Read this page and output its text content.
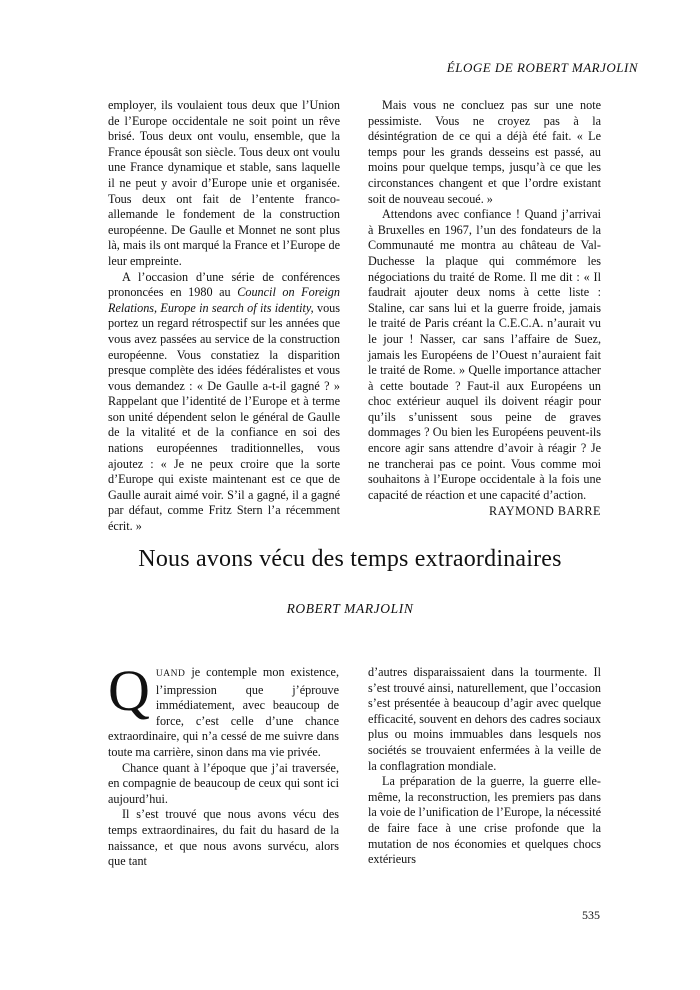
ÉLOGE DE ROBERT MARJOLIN

employer, ils voulaient tous deux que l’Union de l’Europe occidentale ne soit point un rêve brisé. Tous deux ont voulu, ensemble, que la France épousât son siècle. Tous deux ont voulu une France dynamique et stable, sans laquelle il ne peut y avoir d’Europe unie et organisée. Tous deux ont fait de l’entente franco-allemande le fondement de la construction européenne. De Gaulle et Monnet ne sont plus là, mais ils ont marqué la France et l’Europe de leur empreinte.

A l’occasion d’une série de conférences prononcées en 1980 au Council on Foreign Relations, Europe in search of its identity, vous portez un regard rétrospectif sur les années que vous avez passées au service de la construction européenne. Vous constatiez la disparition presque complète des idées fédéralistes et vous vous demandez : « De Gaulle a-t-il gagné ? » Rappelant que l’identité de l’Europe et à terme son unité dépendent selon le général de Gaulle de la vitalité et de la confiance en soi des nations européennes traditionnelles, vous ajoutez : « Je ne peux croire que la sorte d’Europe qui existe maintenant est ce que de Gaulle aurait aimé voir. S’il a gagné, il a gagné par défaut, comme Fritz Stern l’a récemment écrit. »

Mais vous ne concluez pas sur une note pessimiste. Vous ne croyez pas à la désintégration de ce qui a déjà été fait. « Le temps pour les grands desseins est passé, au moins pour quelque temps, jusqu’à ce que les circonstances changent et que l’ordre existant soit de nouveau secoué. »

Attendons avec confiance ! Quand j’arrivai à Bruxelles en 1967, l’un des fondateurs de la Communauté me montra au château de Val-Duchesse la plaque qui commémore les négociations du traité de Rome. Il me dit : « Il faudrait ajouter deux noms à cette liste : Staline, car sans lui et la guerre froide, jamais le traité de Paris créant la C.E.C.A. n’aurait vu le jour ! Nasser, car sans l’affaire de Suez, jamais les Européens de l’Ouest n’auraient fait le traité de Rome. » Quelle importance attacher à cette boutade ? Faut-il aux Européens un choc extérieur auquel ils doivent réagir pour qu’ils s’unissent sous peine de graves dommages ? Ou bien les Européens peuvent-ils encore agir sans attendre d’avoir à réagir ? Je ne trancherai pas ce point. Vous comme moi souhaitons à l’Europe occidentale à la fois une capacité de réaction et une capacité d’action.

RAYMOND BARRE
Nous avons vécu des temps extraordinaires
ROBERT MARJOLIN

QUAND je contemple mon existence, l’impression que j’éprouve immédiatement, avec beaucoup de force, c’est celle d’une chance extraordinaire, qui n’a cessé de me suivre dans toute ma carrière, sinon dans ma vie privée.

Chance quant à l’époque que j’ai traversée, en compagnie de beaucoup de ceux qui sont ici aujourd’hui.

Il s’est trouvé que nous avons vécu des temps extraordinaires, du fait du hasard de la naissance, et que nous avons survécu, alors que tant

d’autres disparaissaient dans la tourmente. Il s’est trouvé ainsi, naturellement, que l’occasion s’est présentée à beaucoup d’agir avec quelque efficacité, souvent en dehors des cadres sociaux plus ou moins immuables dans lesquels nos sociétés se trouvaient enfermées à la veille de la conflagration mondiale.

La préparation de la guerre, la guerre elle-même, la reconstruction, les premiers pas dans la voie de l’unification de l’Europe, la nécessité de faire face à une crise profonde que la mutation de nos économies et quelques chocs extérieurs

535
